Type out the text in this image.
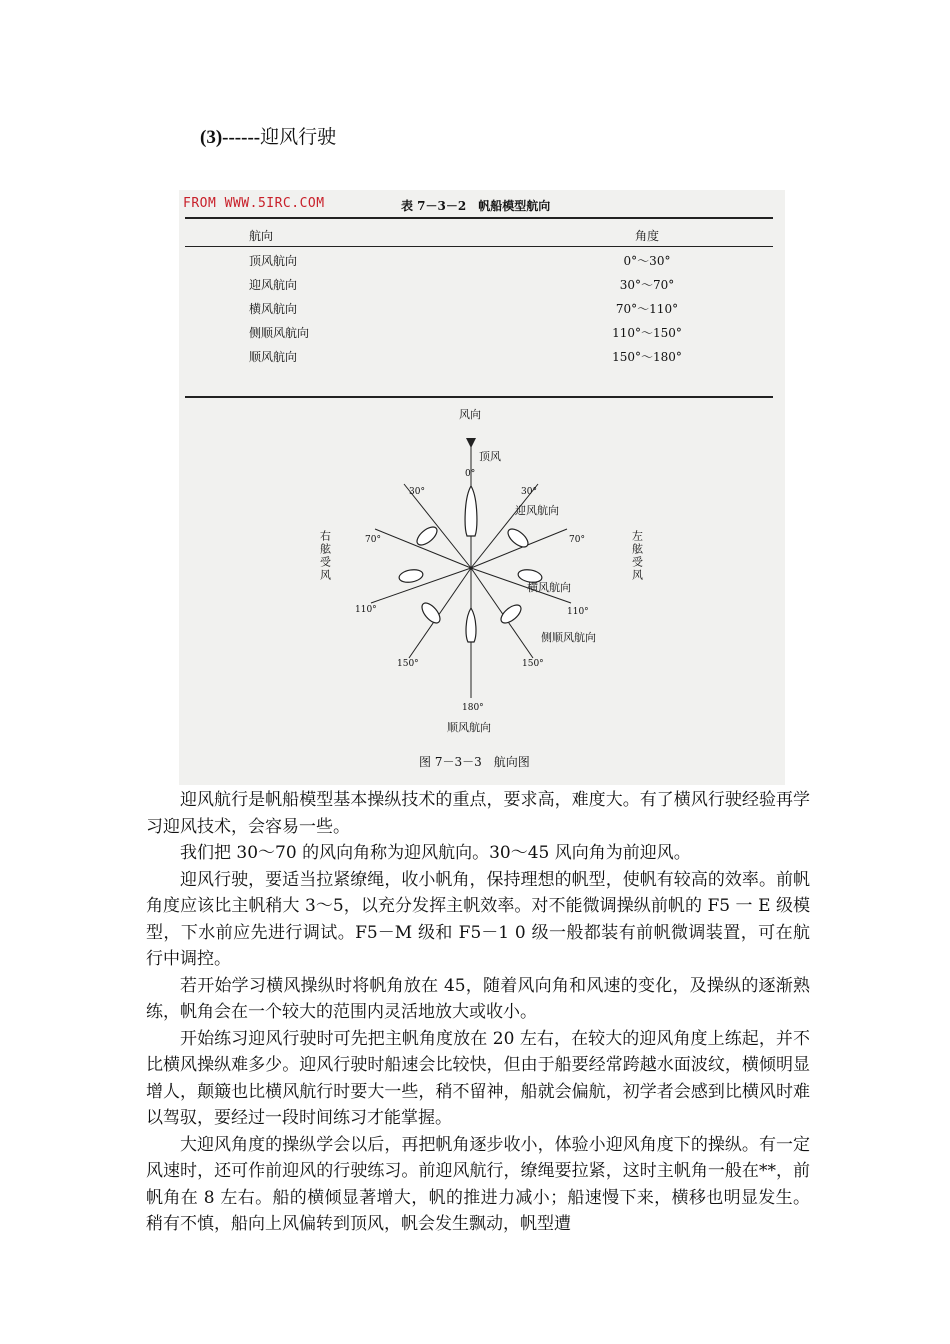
(3)------迎风行驶
FROM WWW.5IRC.COM	表 7－3－2　帆船模型航向
航向	角度
顶风航向	0°～30°
迎风航向	30°～70°
横风航向	70°～110°
侧顺风航向	110°～150°
顺风航向	150°～180°
风向
顶风
0°
30°	30°
70°	70°
110°	110°
150°	150°
180°
迎风航向
横风航向
侧顺风航向
顺风航向
右舷受风	左舷受风
图 7－3－3　航向图

迎风航行是帆船模型基本操纵技术的重点，要求高，难度大。有了横风行驶经验再学习迎风技术，会容易一些。

我们把 30～70 的风向角称为迎风航向。30～45 风向角为前迎风。

迎风行驶，要适当拉紧缭绳，收小帆角，保持理想的帆型，使帆有较高的效率。前帆角度应该比主帆稍大 3～5，以充分发挥主帆效率。对不能微调操纵前帆的 F5 一 E 级模型，下水前应先进行调试。F5－M 级和 F5－1 0 级一般都装有前帆微调装置，可在航行中调控。

若开始学习横风操纵时将帆角放在 45，随着风向角和风速的变化，及操纵的逐渐熟练，帆角会在一个较大的范围内灵活地放大或收小。

开始练习迎风行驶时可先把主帆角度放在 20 左右，在较大的迎风角度上练起，并不比横风操纵难多少。迎风行驶时船速会比较快，但由于船要经常跨越水面波纹，横倾明显增人，颠簸也比横风航行时要大一些，稍不留神，船就会偏航，初学者会感到比横风时难以驾驭，要经过一段时间练习才能掌握。

大迎风角度的操纵学会以后，再把帆角逐步收小，体验小迎风角度下的操纵。有一定风速时，还可作前迎风的行驶练习。前迎风航行，缭绳要拉紧，这时主帆角一般在**，前帆角在 8 左右。船的横倾显著增大，帆的推进力减小；船速慢下来，横移也明显发生。稍有不慎，船向上风偏转到顶风，帆会发生飘动，帆型遭
